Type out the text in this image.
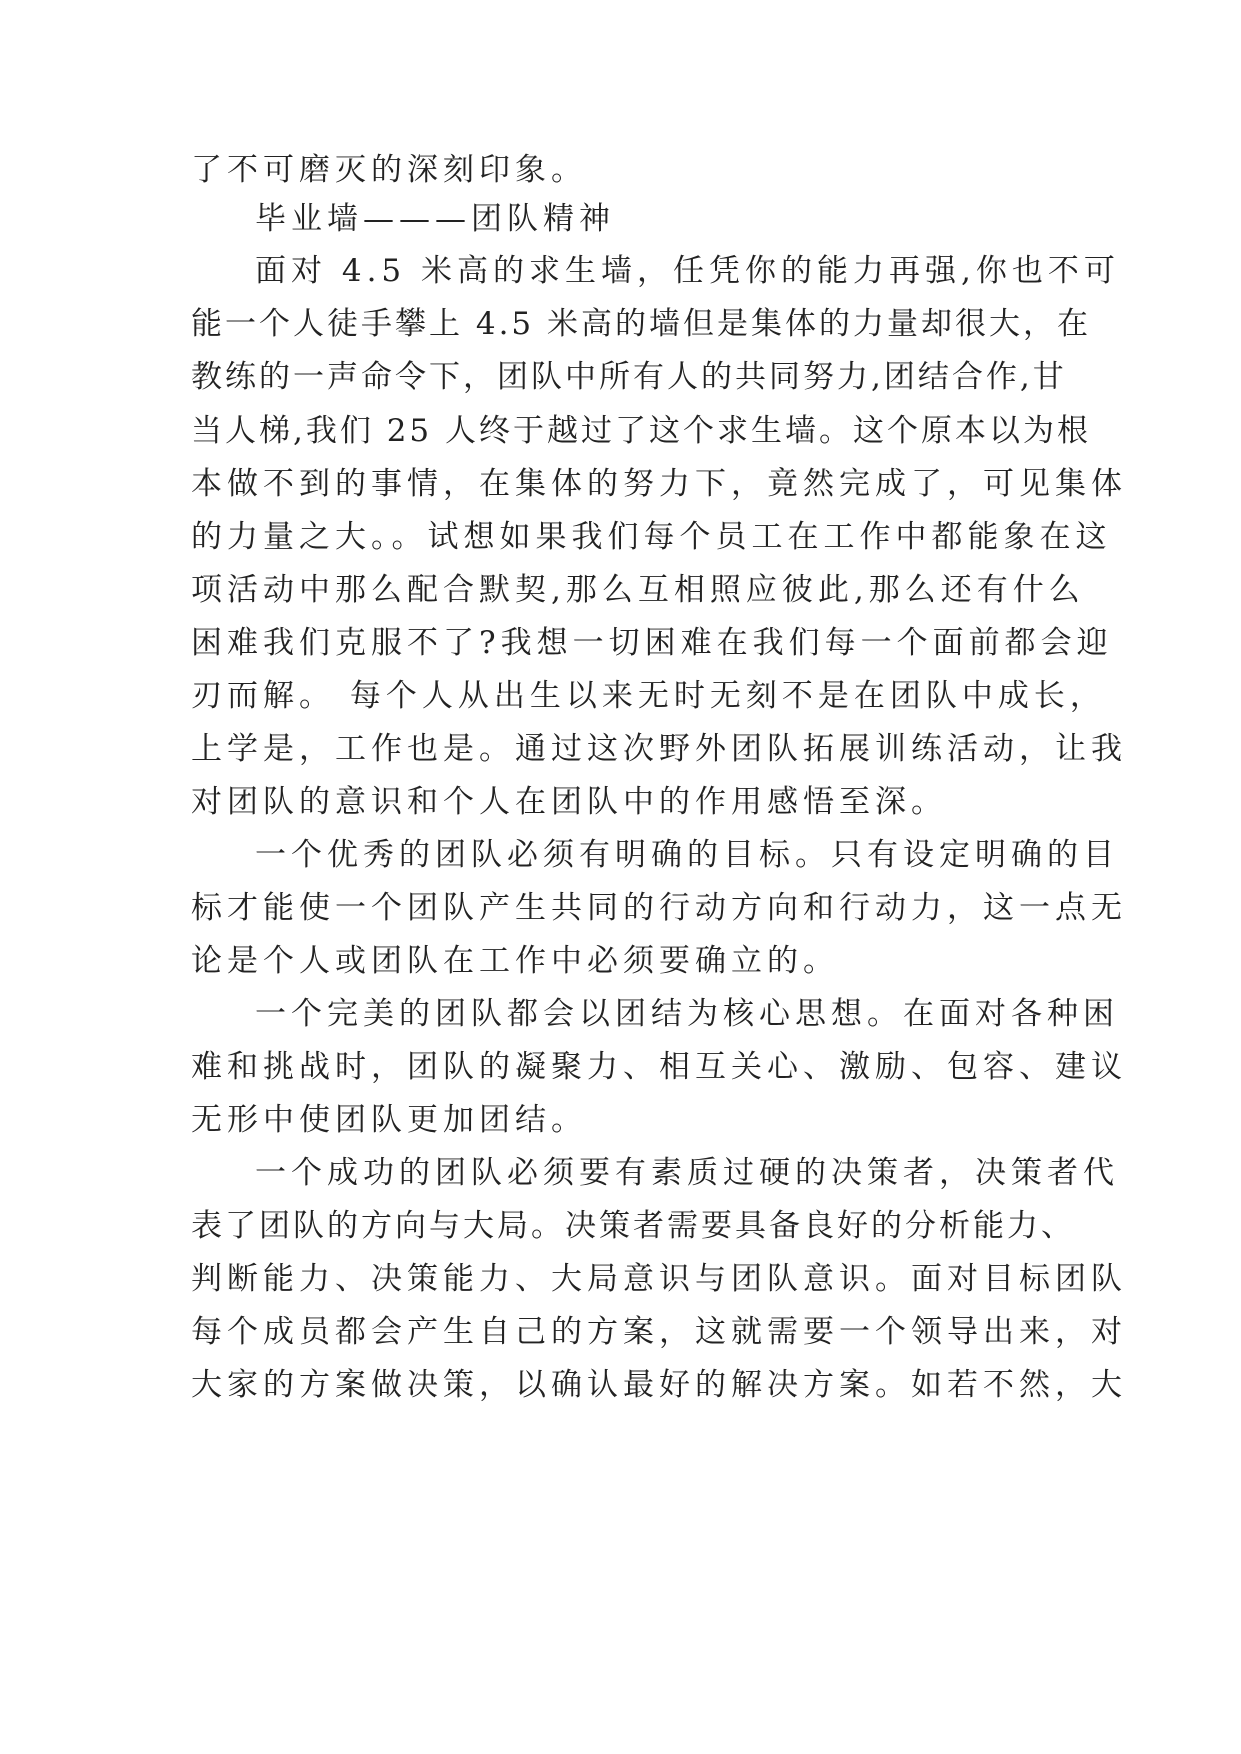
了不可磨灭的深刻印象。
毕业墙———团队精神
面对 4.5 米高的求生墙，任凭你的能力再强,你也不可
能一个人徒手攀上 4.5 米高的墙但是集体的力量却很大，在
教练的一声命令下，团队中所有人的共同努力,团结合作,甘
当人梯,我们 25 人终于越过了这个求生墙。这个原本以为根
本做不到的事情，在集体的努力下，竟然完成了，可见集体
的力量之大。。试想如果我们每个员工在工作中都能象在这
项活动中那么配合默契,那么互相照应彼此,那么还有什么
困难我们克服不了?我想一切困难在我们每一个面前都会迎
刃而解。 每个人从出生以来无时无刻不是在团队中成长，
上学是，工作也是。通过这次野外团队拓展训练活动，让我
对团队的意识和个人在团队中的作用感悟至深。
一个优秀的团队必须有明确的目标。只有设定明确的目
标才能使一个团队产生共同的行动方向和行动力，这一点无
论是个人或团队在工作中必须要确立的。
一个完美的团队都会以团结为核心思想。在面对各种困
难和挑战时，团队的凝聚力、相互关心、激励、包容、建议
无形中使团队更加团结。
一个成功的团队必须要有素质过硬的决策者，决策者代
表了团队的方向与大局。决策者需要具备良好的分析能力、
判断能力、决策能力、大局意识与团队意识。面对目标团队
每个成员都会产生自己的方案，这就需要一个领导出来，对
大家的方案做决策，以确认最好的解决方案。如若不然，大
